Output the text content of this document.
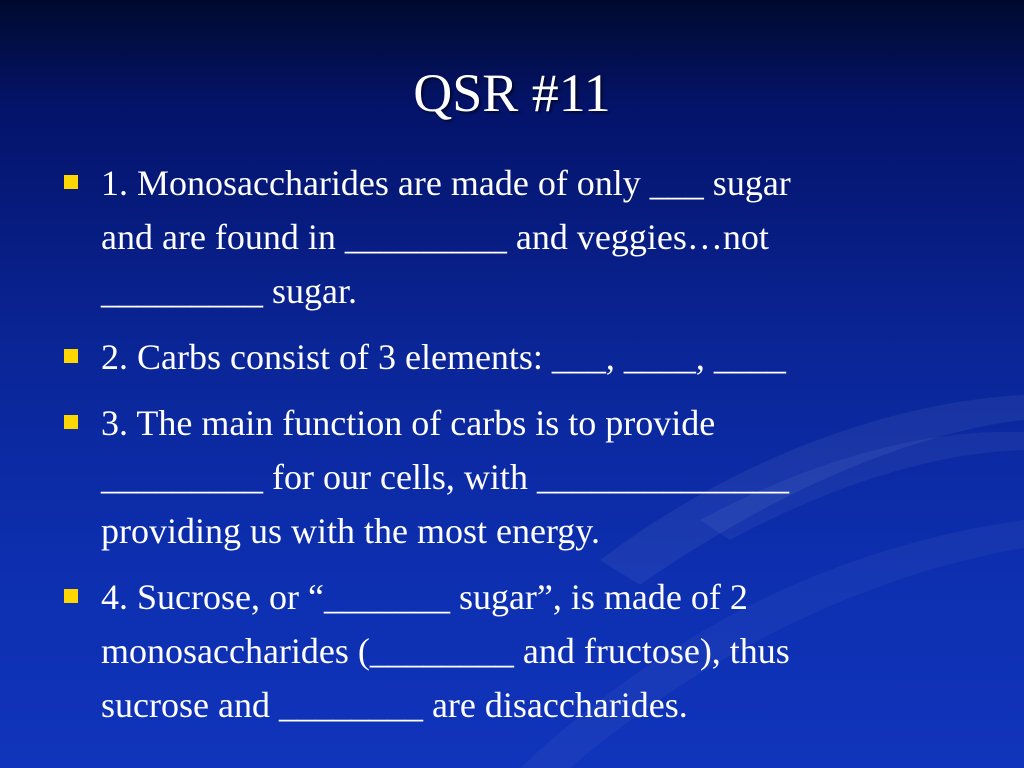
QSR #11
1. Monosaccharides are made of only ___ sugar
and are found in _________ and veggies…not
_________ sugar.
2. Carbs consist of 3 elements: ___, ____, ____
3. The main function of carbs is to provide
_________ for our cells, with ______________
providing us with the most energy.
4. Sucrose, or “_______ sugar”, is made of 2
monosaccharides (________ and fructose), thus
sucrose and ________ are disaccharides.
